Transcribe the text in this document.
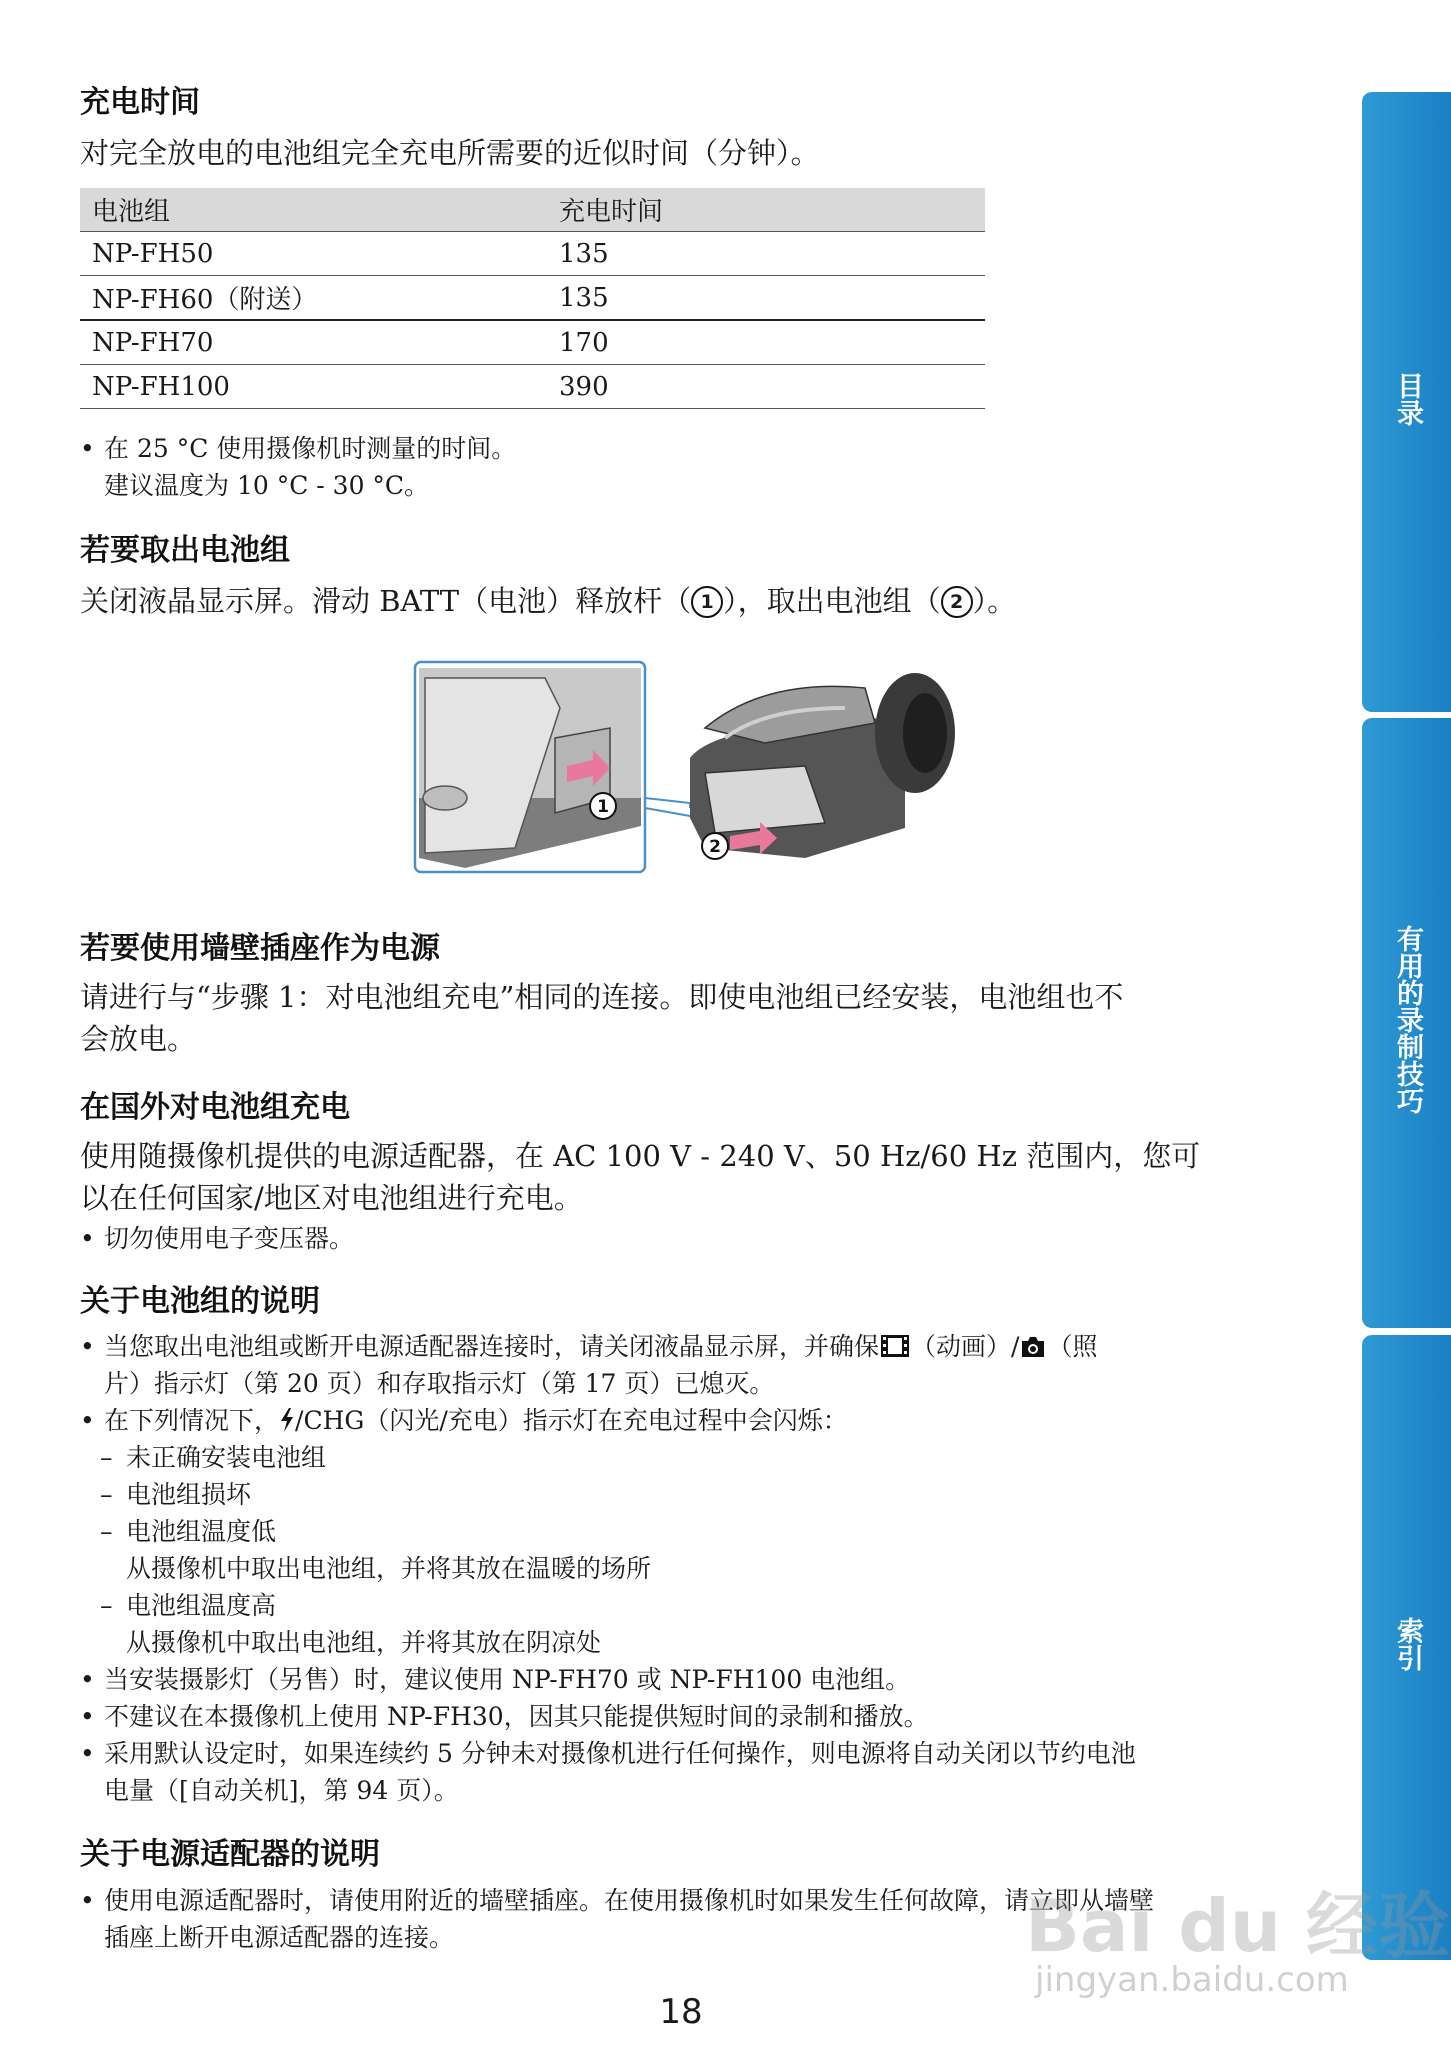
充电时间

对完全放电的电池组完全充电所需要的近似时间（分钟）。

电池组	充电时间
NP-FH50	135
NP-FH60（附送）	135
NP-FH70	170
NP-FH100	390
• 在 25 °C 使用摄像机时测量的时间。
建议温度为 10 °C - 30 °C。
若要取出电池组

关闭液晶显示屏。滑动 BATT（电池）释放杆（ 1 ），取出电池组（ 2 ）。

1
2
若要使用墙壁插座作为电源

请进行与“步骤 1：对电池组充电”相同的连接。即使电池组已经安装，电池组也不

会放电。

在国外对电池组充电

使用随摄像机提供的电源适配器，在 AC 100 V - 240 V、50 Hz/60 Hz 范围内，您可

以在任何国家/地区对电池组进行充电。

• 切勿使用电子变压器。
关于电池组的说明
• 当您取出电池组或断开电源适配器连接时，请关闭液晶显示屏，并确保 （动画）/ （照
片）指示灯（第 20 页）和存取指示灯（第 17 页）已熄灭。
• 在下列情况下， /CHG（闪光/充电）指示灯在充电过程中会闪烁：
– 未正确安装电池组
– 电池组损坏
– 电池组温度低
从摄像机中取出电池组，并将其放在温暖的场所
– 电池组温度高
从摄像机中取出电池组，并将其放在阴凉处
• 当安装摄影灯（另售）时，建议使用 NP-FH70 或 NP-FH100 电池组。
• 不建议在本摄像机上使用 NP-FH30，因其只能提供短时间的录制和播放。
• 采用默认设定时，如果连续约 5 分钟未对摄像机进行任何操作，则电源将自动关闭以节约电池
电量（[自动关机]，第 94 页）。
关于电源适配器的说明
• 使用电源适配器时，请使用附近的墙壁插座。在使用摄像机时如果发生任何故障，请立即从墙壁
插座上断开电源适配器的连接。
目录
有用的录制技巧
索引
18
Bai du 经验
jingyan.baidu.com
